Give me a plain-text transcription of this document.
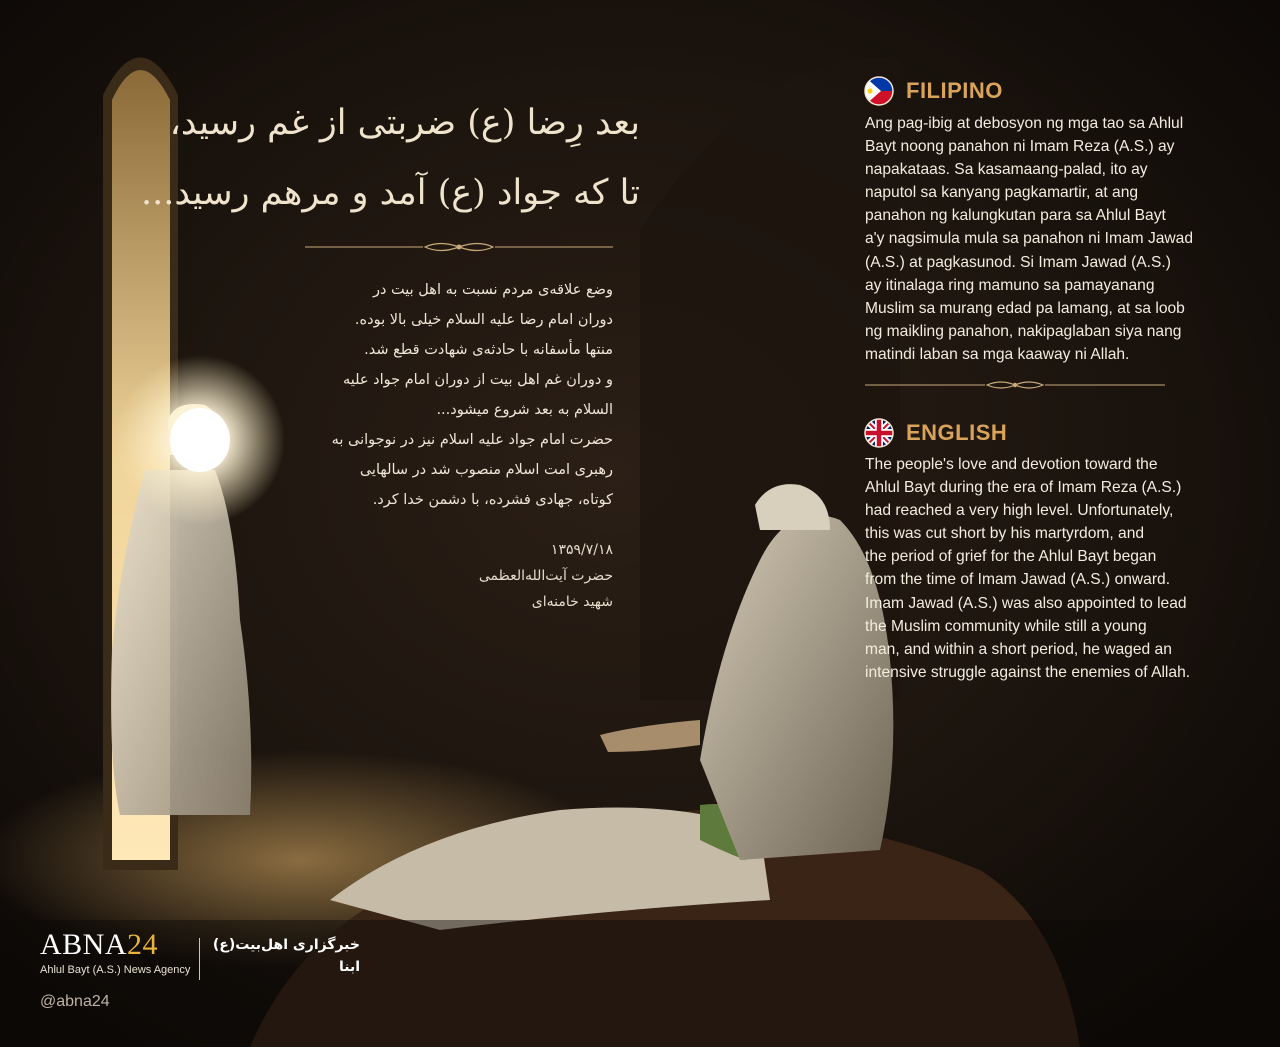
بعد رِضا (ع) ضربتی از غم رسید،
تا که جواد (ع) آمد و مرهم رسید...

وضع علاقه‌ی مردم نسبت به اهل بیت در

دوران امام رضا علیه السلام خیلی بالا بوده.

منتها مأسفانه با حادثه‌ی شهادت قطع شد.

و دوران غم اهل بیت از دوران امام جواد علیه

السلام به بعد شروع میشود...

حضرت امام جواد علیه اسلام نیز در نوجوانی به

رهبری امت اسلام منصوب شد در سالهایی

کوتاه، جهادی فشرده، با دشمن خدا کرد.

۱۳۵۹/۷/۱۸
حضرت آیت‌الله‌العظمی
شهید خامنه‌ای
FILIPINO
Ang pag-ibig at debosyon ng mga tao sa Ahlul
Bayt noong panahon ni Imam Reza (A.S.) ay
napakataas. Sa kasamaang-palad, ito ay
naputol sa kanyang pagkamartir, at ang
panahon ng kalungkutan para sa Ahlul Bayt
a'y nagsimula mula sa panahon ni Imam Jawad
(A.S.) at pagkasunod. Si Imam Jawad (A.S.)
ay itinalaga ring mamuno sa pamayanang
Muslim sa murang edad pa lamang, at sa loob
ng maikling panahon, nakipaglaban siya nang
matindi laban sa mga kaaway ni Allah.
ENGLISH
The people's love and devotion toward the
Ahlul Bayt during the era of Imam Reza (A.S.)
had reached a very high level. Unfortunately,
this was cut short by his martyrdom, and
the period of grief for the Ahlul Bayt began
from the time of Imam Jawad (A.S.) onward.
Imam Jawad (A.S.) was also appointed to lead
the Muslim community while still a young
man, and within a short period, he waged an
intensive struggle against the enemies of Allah.
ABNA24
Ahlul Bayt (A.S.) News Agency
خبرگزاری اهل‌بیت(ع)
ابنا
@abna24
